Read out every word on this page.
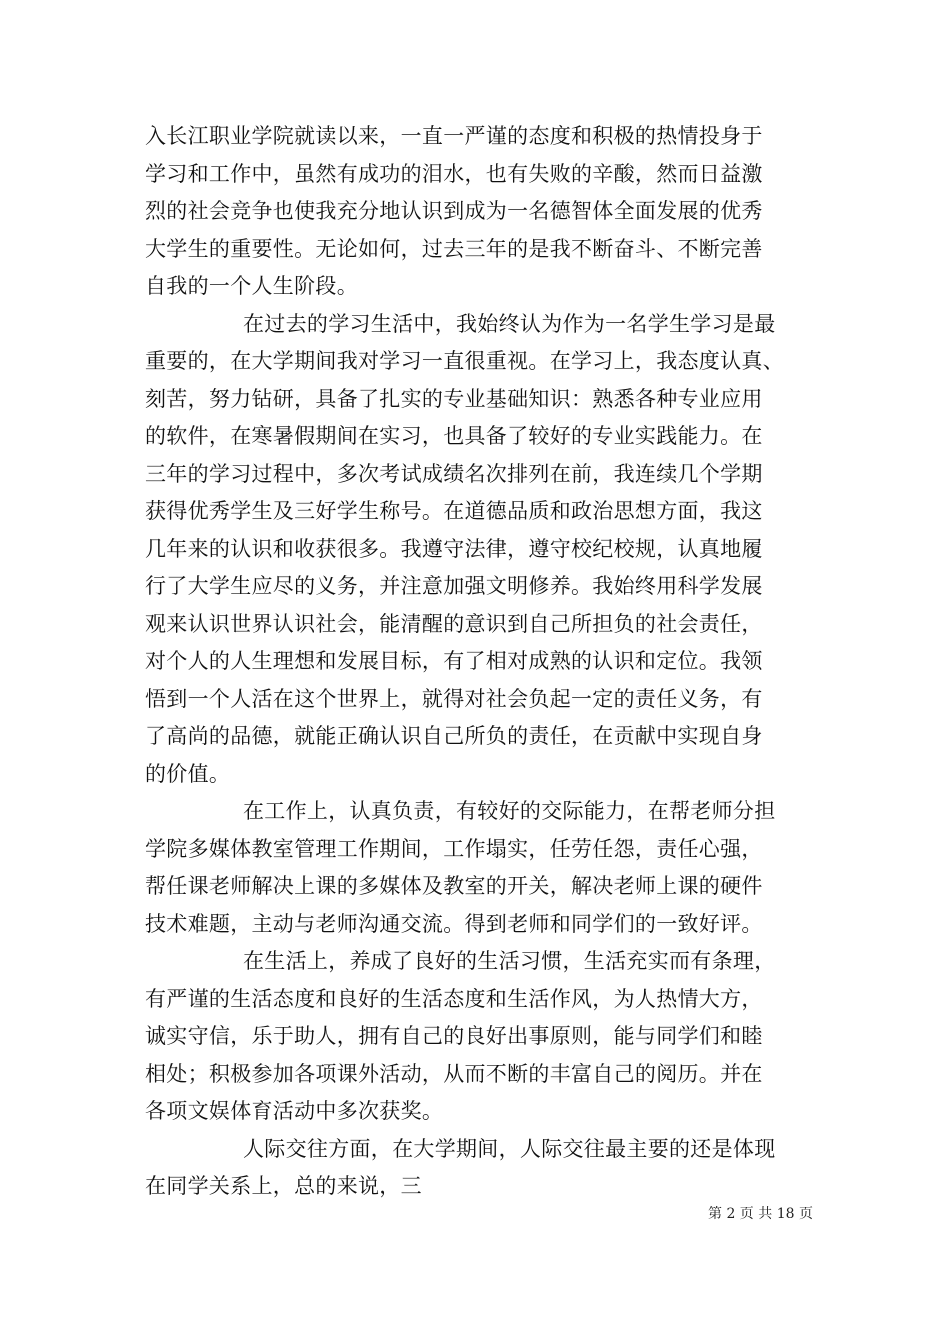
入长江职业学院就读以来，一直一严谨的态度和积极的热情投身于
学习和工作中，虽然有成功的泪水，也有失败的辛酸，然而日益激
烈的社会竞争也使我充分地认识到成为一名德智体全面发展的优秀
大学生的重要性。无论如何，过去三年的是我不断奋斗、不断完善
自我的一个人生阶段。
在过去的学习生活中，我始终认为作为一名学生学习是最
重要的，在大学期间我对学习一直很重视。在学习上，我态度认真、
刻苦，努力钻研，具备了扎实的专业基础知识：熟悉各种专业应用
的软件，在寒暑假期间在实习，也具备了较好的专业实践能力。在
三年的学习过程中，多次考试成绩名次排列在前，我连续几个学期
获得优秀学生及三好学生称号。在道德品质和政治思想方面，我这
几年来的认识和收获很多。我遵守法律，遵守校纪校规，认真地履
行了大学生应尽的义务，并注意加强文明修养。我始终用科学发展
观来认识世界认识社会，能清醒的意识到自己所担负的社会责任，
对个人的人生理想和发展目标，有了相对成熟的认识和定位。我领
悟到一个人活在这个世界上，就得对社会负起一定的责任义务，有
了高尚的品德，就能正确认识自己所负的责任，在贡献中实现自身
的价值。
在工作上，认真负责，有较好的交际能力，在帮老师分担
学院多媒体教室管理工作期间，工作塌实，任劳任怨，责任心强，
帮任课老师解决上课的多媒体及教室的开关，解决老师上课的硬件
技术难题，主动与老师沟通交流。得到老师和同学们的一致好评。
在生活上，养成了良好的生活习惯，生活充实而有条理，
有严谨的生活态度和良好的生活态度和生活作风，为人热情大方，
诚实守信，乐于助人，拥有自己的良好出事原则，能与同学们和睦
相处；积极参加各项课外活动，从而不断的丰富自己的阅历。并在
各项文娱体育活动中多次获奖。
人际交往方面，在大学期间，人际交往最主要的还是体现
在同学关系上，总的来说，三
第 2 页 共 18 页
